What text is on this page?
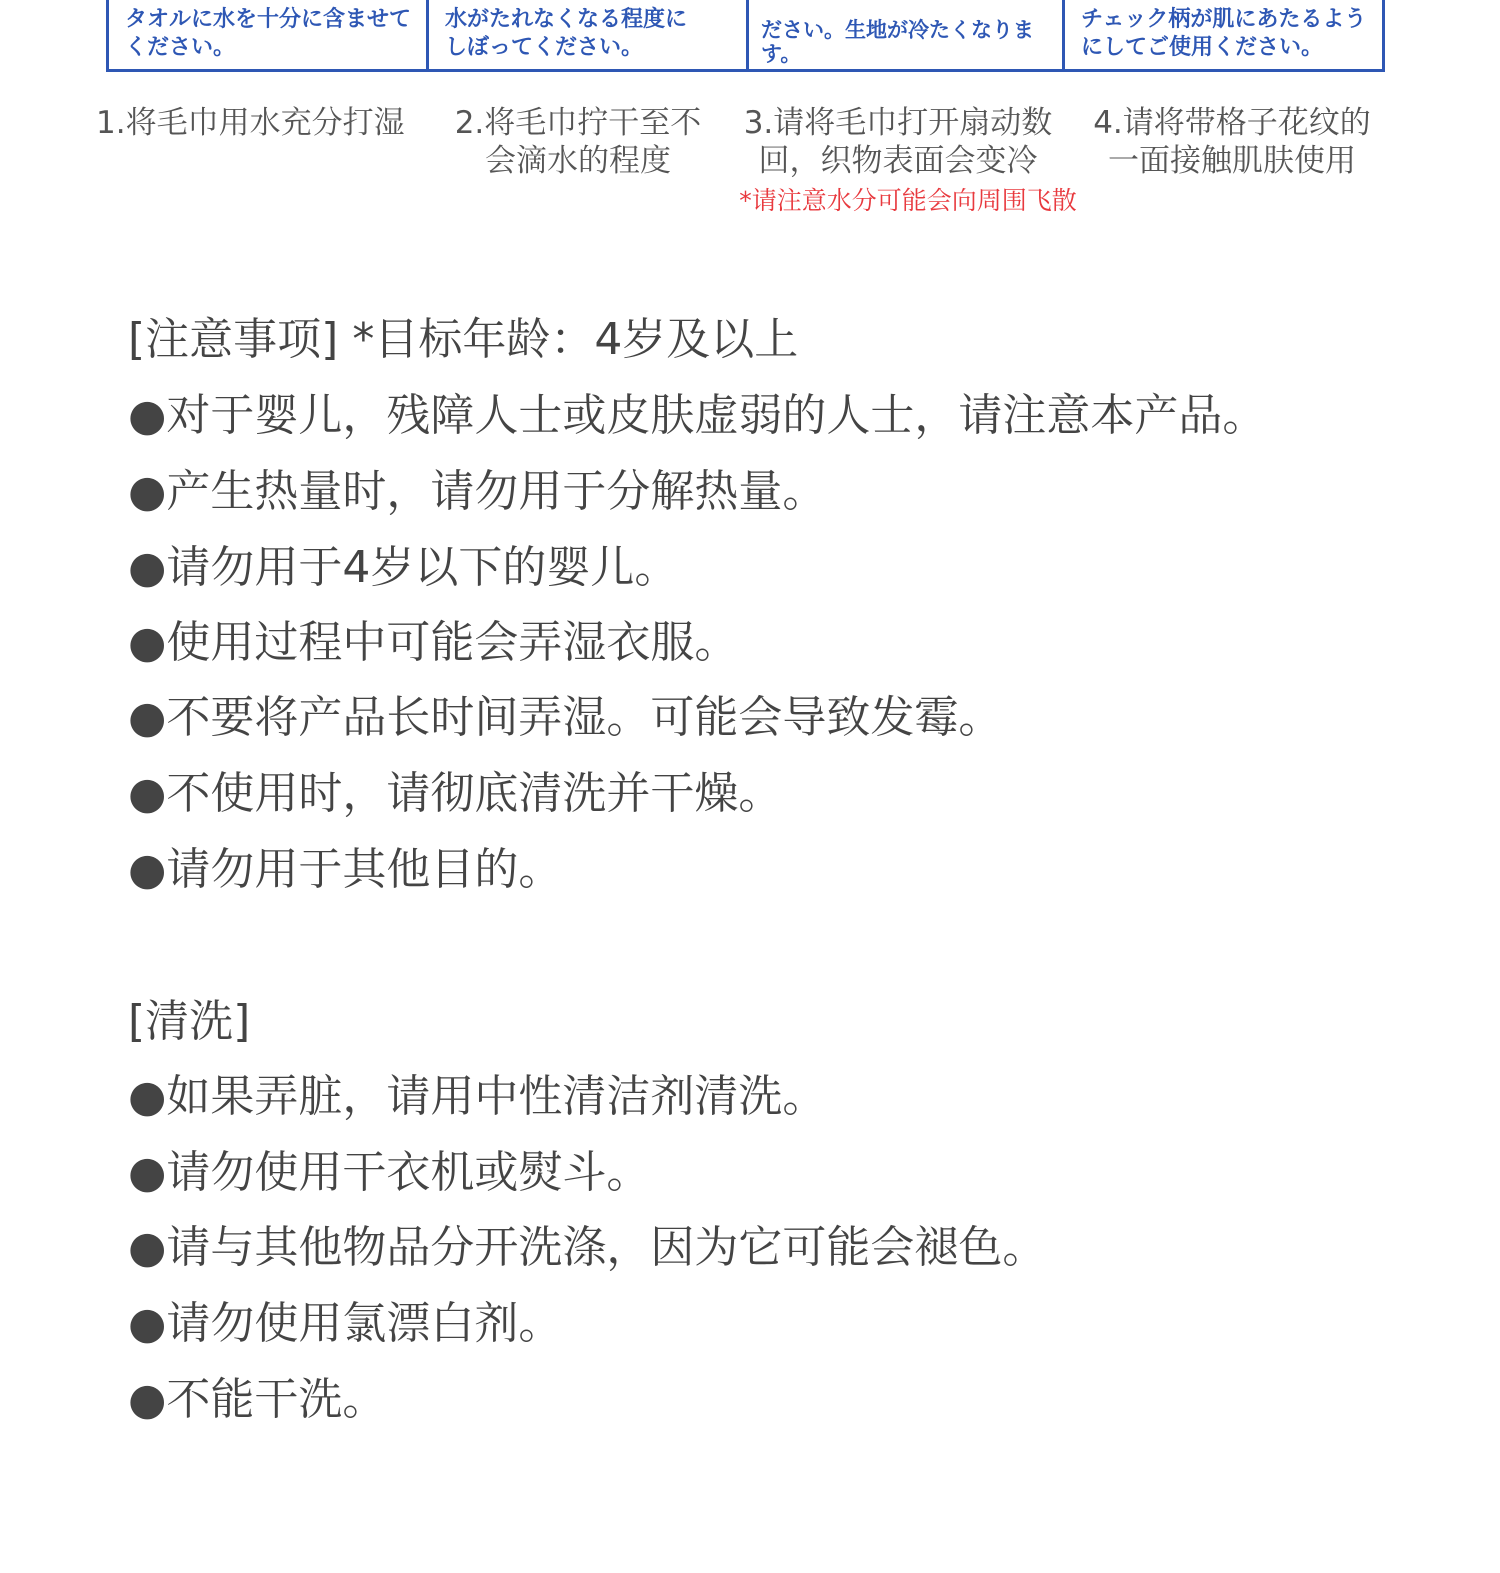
タオルに水を十分に含ませて
ください。
水がたれなくなる程度に
しぼってください。

ださい。生地が冷たくなります。

チェック柄が肌にあたるよう
にしてご使用ください。
1.将毛巾用水充分打湿	2.将毛巾拧干至不
会滴水的程度
3.请将毛巾打开扇动数
回，织物表面会变冷
4.请将带格子花纹的
一面接触肌肤使用
*请注意水分可能会向周围飞散
[注意事项] *目标年龄：4岁及以上
●对于婴儿，残障人士或皮肤虚弱的人士，请注意本产品。
●产生热量时，请勿用于分解热量。
●请勿用于4岁以下的婴儿。
●使用过程中可能会弄湿衣服。
●不要将产品长时间弄湿。可能会导致发霉。
●不使用时，请彻底清洗并干燥。
●请勿用于其他目的。
[清洗]
●如果弄脏，请用中性清洁剂清洗。
●请勿使用干衣机或熨斗。
●请与其他物品分开洗涤，因为它可能会褪色。
●请勿使用氯漂白剂。
●不能干洗。
